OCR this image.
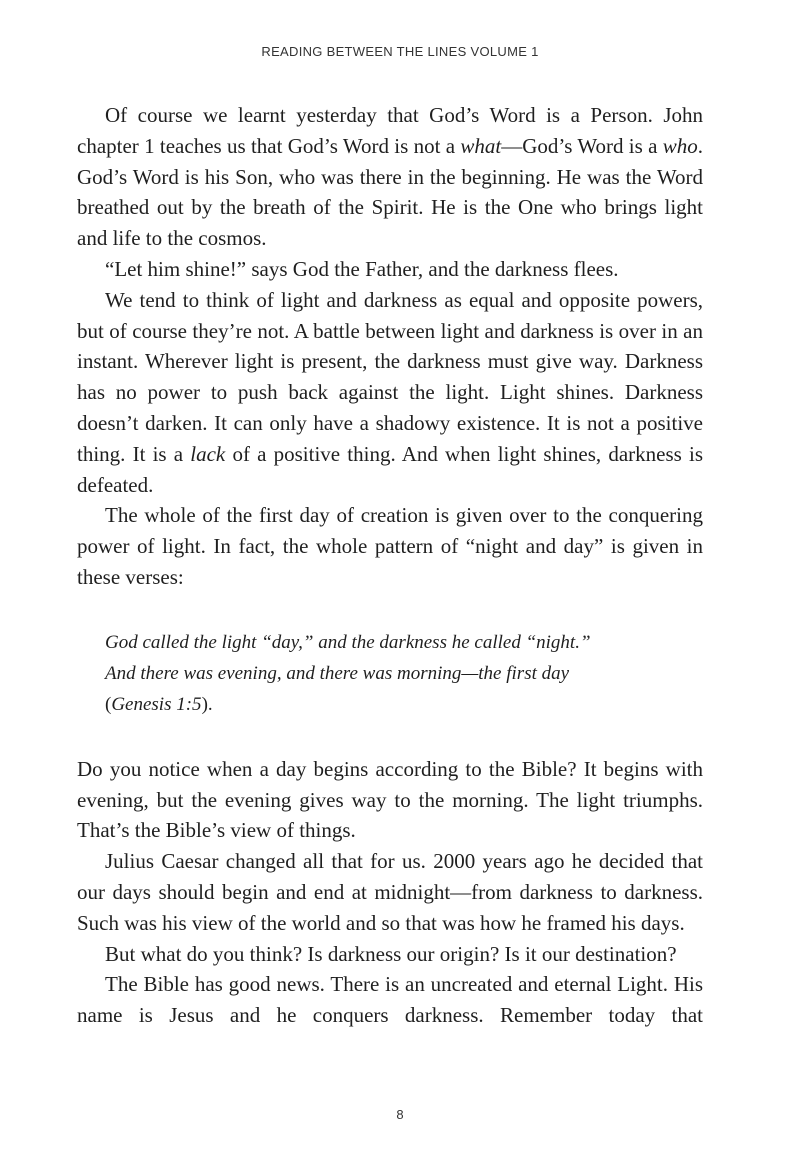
READING BETWEEN THE LINES VOLUME 1

Of course we learnt yesterday that God’s Word is a Person. John chapter 1 teaches us that God’s Word is not a what—God’s Word is a who. God’s Word is his Son, who was there in the beginning. He was the Word breathed out by the breath of the Spirit. He is the One who brings light and life to the cosmos.

“Let him shine!” says God the Father, and the darkness flees.

We tend to think of light and darkness as equal and opposite powers, but of course they’re not. A battle between light and darkness is over in an instant. Wherever light is present, the darkness must give way. Darkness has no power to push back against the light. Light shines. Darkness doesn’t darken. It can only have a shadowy existence. It is not a positive thing. It is a lack of a positive thing. And when light shines, darkness is defeated.

The whole of the first day of creation is given over to the conquering power of light. In fact, the whole pattern of “night and day” is given in these verses:

God called the light “day,” and the darkness he called “night.”
And there was evening, and there was morning—the first day
(Genesis 1:5).

Do you notice when a day begins according to the Bible? It begins with evening, but the evening gives way to the morning. The light triumphs. That’s the Bible’s view of things.

Julius Caesar changed all that for us. 2000 years ago he decided that our days should begin and end at midnight—from darkness to darkness. Such was his view of the world and so that was how he framed his days.

But what do you think? Is darkness our origin? Is it our destination?

The Bible has good news. There is an uncreated and eternal Light. His name is Jesus and he conquers darkness. Remember today that

8
